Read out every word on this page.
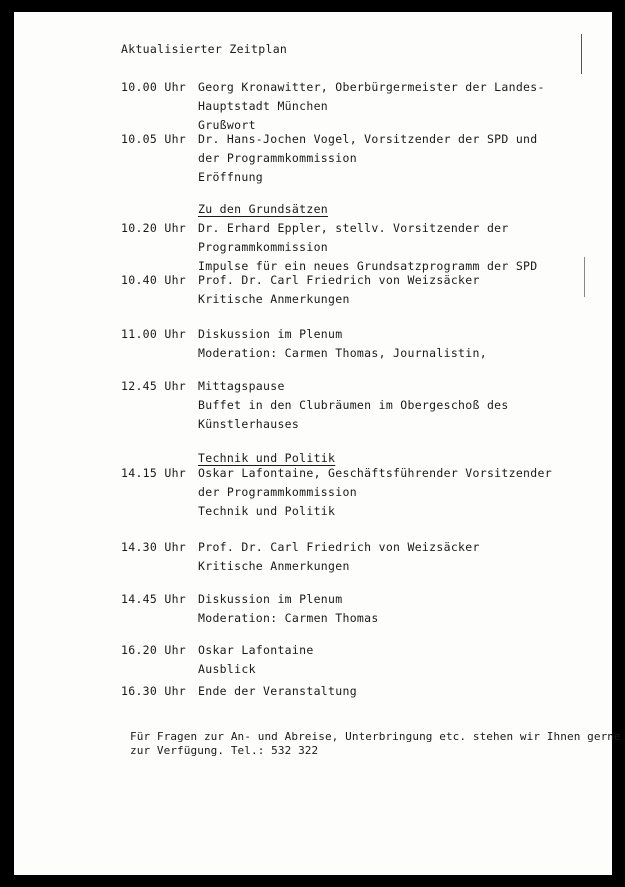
Aktualisierter Zeitplan
Zu den Grundsätzen
Technik und Politik
10.00 Uhr	Georg Kronawitter, Oberbürgermeister der Landes-
Hauptstadt München
Grußwort
10.05 Uhr	Dr. Hans-Jochen Vogel, Vorsitzender der SPD und
der Programmkommission
Eröffnung
10.20 Uhr	Dr. Erhard Eppler, stellv. Vorsitzender der
Programmkommission
Impulse für ein neues Grundsatzprogramm der SPD
10.40 Uhr	Prof. Dr. Carl Friedrich von Weizsäcker
Kritische Anmerkungen
11.00 Uhr	Diskussion im Plenum
Moderation: Carmen Thomas, Journalistin,
12.45 Uhr	Mittagspause
Buffet in den Clubräumen im Obergeschoß des
Künstlerhauses
14.15 Uhr	Oskar Lafontaine, Geschäftsführender Vorsitzender
der Programmkommission
Technik und Politik
14.30 Uhr	Prof. Dr. Carl Friedrich von Weizsäcker
Kritische Anmerkungen
14.45 Uhr	Diskussion im Plenum
Moderation: Carmen Thomas
16.20 Uhr	Oskar Lafontaine
Ausblick
16.30 Uhr	Ende der Veranstaltung
Für Fragen zur An- und Abreise, Unterbringung etc. stehen wir Ihnen gerne
zur Verfügung. Tel.: 532 322
